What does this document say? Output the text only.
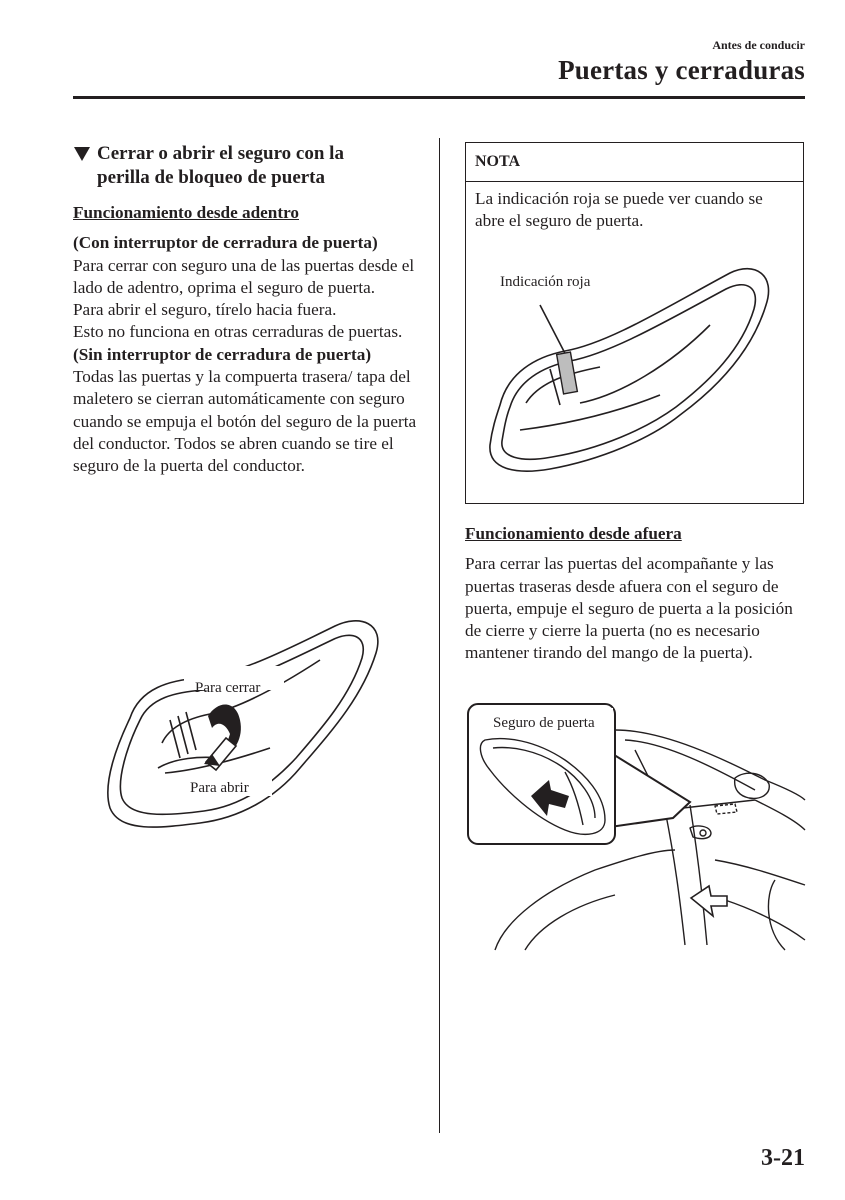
Antes de conducir
Puertas y cerraduras
Cerrar o abrir el seguro con la
perilla de bloqueo de puerta
Funcionamiento desde adentro

(Con interruptor de cerradura de puerta)

Para cerrar con seguro una de las puertas desde el lado de adentro, oprima el seguro de puerta.

Para abrir el seguro, tírelo hacia fuera.

Esto no funciona en otras cerraduras de puertas.

(Sin interruptor de cerradura de puerta)

Todas las puertas y la compuerta trasera/ tapa del maletero se cierran automáticamente con seguro cuando se empuja el botón del seguro de la puerta del conductor. Todos se abren cuando se tire el seguro de la puerta del conductor.

Para cerrar
Para abrir
NOTA
La indicación roja se puede ver cuando se abre el seguro de puerta.
Indicación roja
Funcionamiento desde afuera

Para cerrar las puertas del acompañante y las puertas traseras desde afuera con el seguro de puerta, empuje el seguro de puerta a la posición de cierre y cierre la puerta (no es necesario mantener tirando del mango de la puerta).

Seguro de puerta
3-21
